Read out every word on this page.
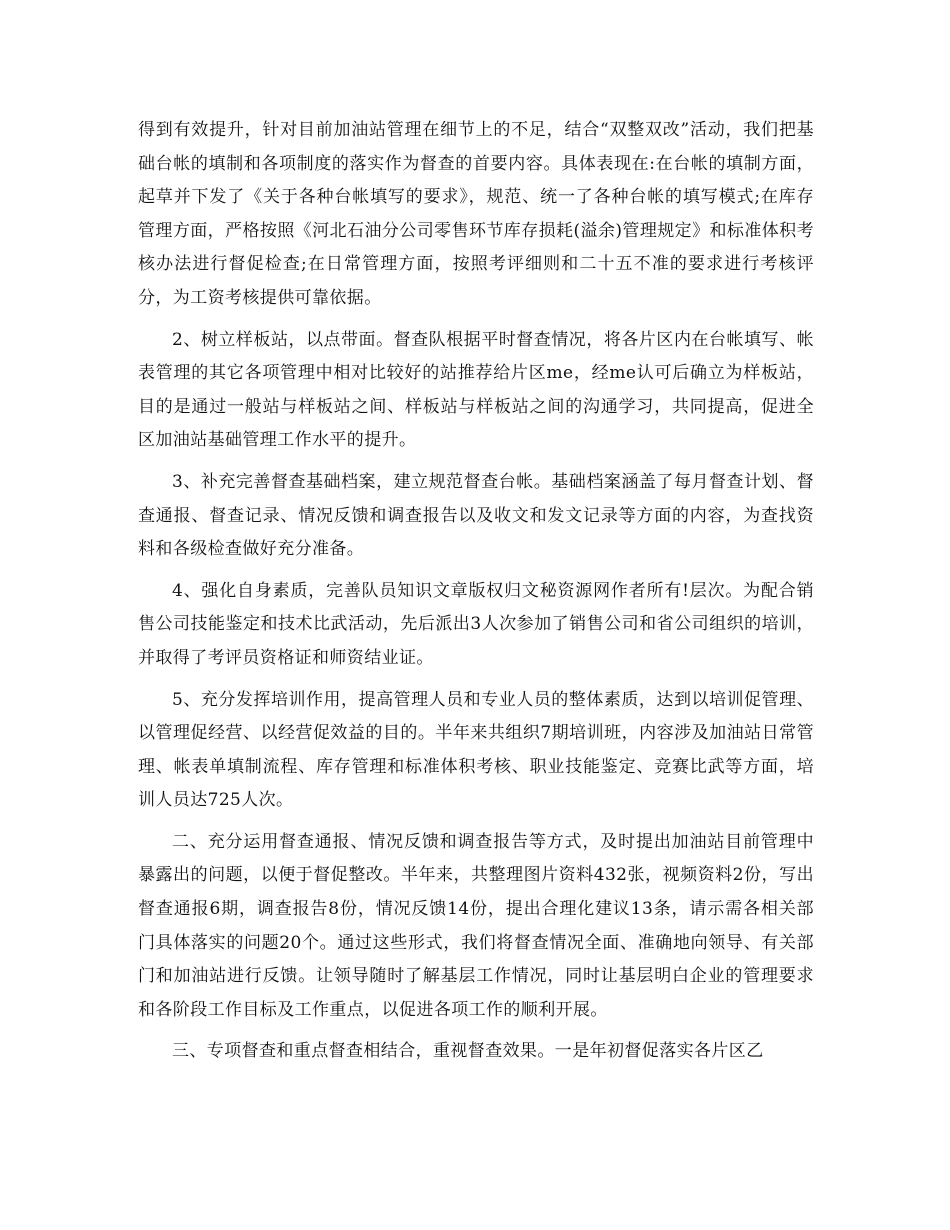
得到有效提升，针对目前加油站管理在细节上的不足，结合“双整双改”活动，我们把基础台帐的填制和各项制度的落实作为督查的首要内容。具体表现在:在台帐的填制方面，起草并下发了《关于各种台帐填写的要求》，规范、统一了各种台帐的填写模式;在库存管理方面，严格按照《河北石油分公司零售环节库存损耗(溢余)管理规定》和标准体积考核办法进行督促检查;在日常管理方面，按照考评细则和二十五不准的要求进行考核评分，为工资考核提供可靠依据。

2、树立样板站，以点带面。督查队根据平时督查情况，将各片区内在台帐填写、帐表管理的其它各项管理中相对比较好的站推荐给片区me，经me认可后确立为样板站，目的是通过一般站与样板站之间、样板站与样板站之间的沟通学习，共同提高，促进全区加油站基础管理工作水平的提升。

3、补充完善督查基础档案，建立规范督查台帐。基础档案涵盖了每月督查计划、督查通报、督查记录、情况反馈和调查报告以及收文和发文记录等方面的内容，为查找资料和各级检查做好充分准备。

4、强化自身素质，完善队员知识文章版权归文秘资源网作者所有!层次。为配合销售公司技能鉴定和技术比武活动，先后派出3人次参加了销售公司和省公司组织的培训，并取得了考评员资格证和师资结业证。

5、充分发挥培训作用，提高管理人员和专业人员的整体素质，达到以培训促管理、以管理促经营、以经营促效益的目的。半年来共组织7期培训班，内容涉及加油站日常管理、帐表单填制流程、库存管理和标准体积考核、职业技能鉴定、竞赛比武等方面，培训人员达725人次。

二、充分运用督查通报、情况反馈和调查报告等方式，及时提出加油站目前管理中暴露出的问题，以便于督促整改。半年来，共整理图片资料432张，视频资料2份，写出督查通报6期，调查报告8份，情况反馈14份，提出合理化建议13条，请示需各相关部门具体落实的问题20个。通过这些形式，我们将督查情况全面、准确地向领导、有关部门和加油站进行反馈。让领导随时了解基层工作情况，同时让基层明白企业的管理要求和各阶段工作目标及工作重点，以促进各项工作的顺利开展。

三、专项督查和重点督查相结合，重视督查效果。一是年初督促落实各片区乙
